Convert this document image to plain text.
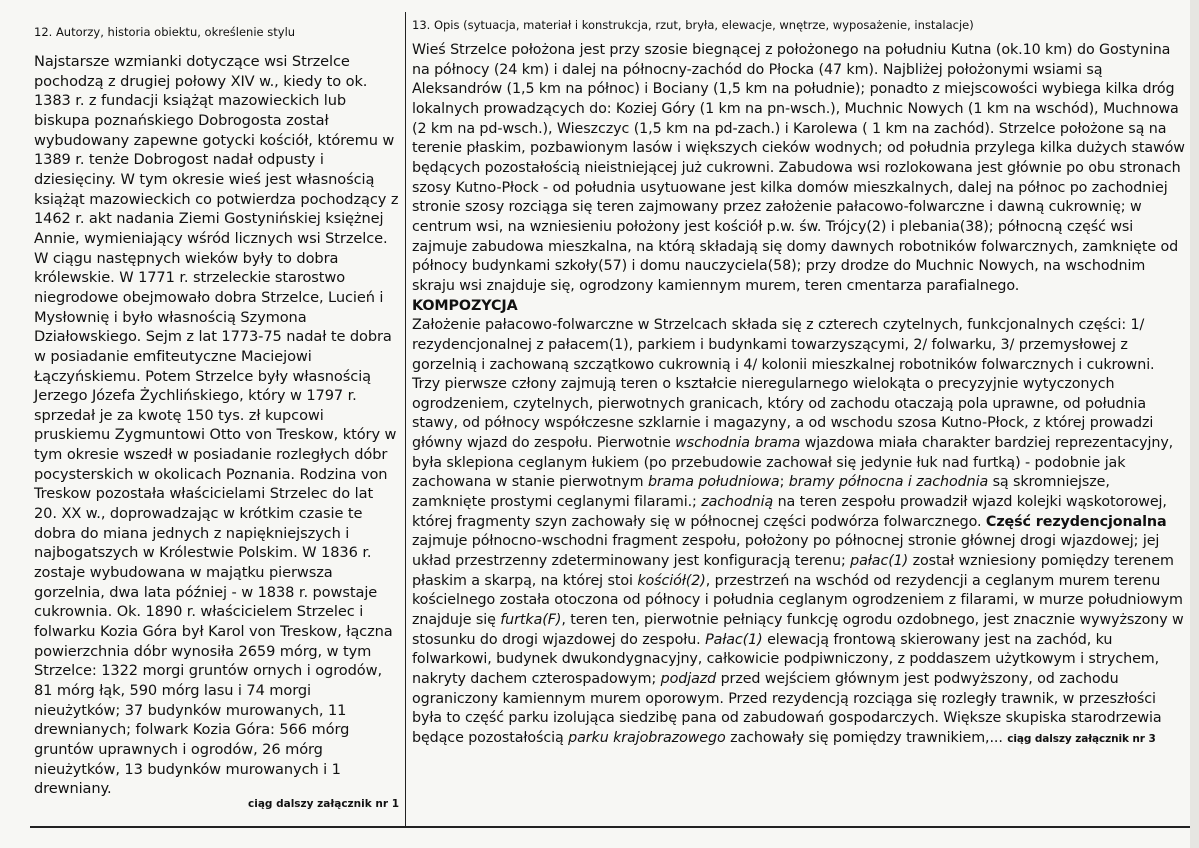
12. Autorzy, historia obiektu, określenie stylu

Najstarsze wzmianki dotyczące wsi Strzelce pochodzą z drugiej połowy XIV w., kiedy to ok. 1383 r. z fundacji książąt mazowieckich lub biskupa poznańskiego Dobrogosta został wybudowany zapewne gotycki kościół, któremu w 1389 r. tenże Dobrogost nadał odpusty i dziesięciny. W tym okresie wieś jest własnością książąt mazowieckich co potwierdza pochodzący z 1462 r. akt nadania Ziemi Gostynińskiej księżnej Annie, wymieniający wśród licznych wsi Strzelce. W ciągu następnych wieków były to dobra królewskie. W 1771 r. strzeleckie starostwo niegrodowe obejmowało dobra Strzelce, Lucień i Mysłownię i było własnością Szymona Działowskiego. Sejm z lat 1773-75 nadał te dobra w posiadanie emfiteutyczne Maciejowi Łączyńskiemu. Potem Strzelce były własnością Jerzego Józefa Żychlińskiego, który w 1797 r. sprzedał je za kwotę 150 tys. zł kupcowi pruskiemu Zygmuntowi Otto von Treskow, który w tym okresie wszedł w posiadanie rozległych dóbr pocysterskich w okolicach Poznania. Rodzina von Treskow pozostała właścicielami Strzelec do lat 20. XX w., doprowadzając w krótkim czasie te dobra do miana jednych z napiękniejszych i najbogatszych w Królestwie Polskim. W 1836 r. zostaje wybudowana w majątku pierwsza gorzelnia, dwa lata później - w 1838 r. powstaje cukrownia. Ok. 1890 r. właścicielem Strzelec i folwarku Kozia Góra był Karol von Treskow, łączna powierzchnia dóbr wynosiła 2659 mórg, w tym Strzelce: 1322 morgi gruntów ornych i ogrodów, 81 mórg łąk, 590 mórg lasu i 74 morgi nieużytków; 37 budynków murowanych, 11 drewnianych; folwark Kozia Góra: 566 mórg gruntów uprawnych i ogrodów, 26 mórg nieużytków, 13 budynków murowanych i 1 drewniany.

ciąg dalszy załącznik nr 1
13. Opis (sytuacja, materiał i konstrukcja, rzut, bryła, elewacje, wnętrze, wyposażenie, instalacje)

Wieś Strzelce położona jest przy szosie biegnącej z położonego na południu Kutna (ok.10 km) do Gostynina na północy (24 km) i dalej na północny-zachód do Płocka (47 km). Najbliżej położonymi wsiami są Aleksandrów (1,5 km na północ) i Bociany (1,5 km na południe); ponadto z miejscowości wybiega kilka dróg lokalnych prowadzących do: Koziej Góry (1 km na pn-wsch.), Muchnic Nowych (1 km na wschód), Muchnowa (2 km na pd-wsch.), Wieszczyc (1,5 km na pd-zach.) i Karolewa ( 1 km na zachód). Strzelce położone są na terenie płaskim, pozbawionym lasów i większych cieków wodnych; od południa przylega kilka dużych stawów będących pozostałością nieistniejącej już cukrowni. Zabudowa wsi rozlokowana jest głównie po obu stronach szosy Kutno-Płock - od południa usytuowane jest kilka domów mieszkalnych, dalej na północ po zachodniej stronie szosy rozciąga się teren zajmowany przez założenie pałacowo-folwarczne i dawną cukrownię; w centrum wsi, na wzniesieniu położony jest kościół p.w. św. Trójcy(2) i plebania(38); północną część wsi zajmuje zabudowa mieszkalna, na którą składają się domy dawnych robotników folwarcznych, zamknięte od północy budynkami szkoły(57) i domu nauczyciela(58); przy drodze do Muchnic Nowych, na wschodnim skraju wsi znajduje się, ogrodzony kamiennym murem, teren cmentarza parafialnego.

KOMPOZYCJA

Założenie pałacowo-folwarczne w Strzelcach składa się z czterech czytelnych, funkcjonalnych części: 1/ rezydencjonalnej z pałacem(1), parkiem i budynkami towarzyszącymi, 2/ folwarku, 3/ przemysłowej z gorzelnią i zachowaną szczątkowo cukrownią i 4/ kolonii mieszkalnej robotników folwarcznych i cukrowni. Trzy pierwsze człony zajmują teren o kształcie nieregularnego wielokąta o precyzyjnie wytyczonych ogrodzeniem, czytelnych, pierwotnych granicach, który od zachodu otaczają pola uprawne, od południa stawy, od północy współczesne szklarnie i magazyny, a od wschodu szosa Kutno-Płock, z której prowadzi główny wjazd do zespołu. Pierwotnie wschodnia brama wjazdowa miała charakter bardziej reprezentacyjny, była sklepiona ceglanym łukiem (po przebudowie zachował się jedynie łuk nad furtką) - podobnie jak zachowana w stanie pierwotnym brama południowa; bramy północna i zachodnia są skromniejsze, zamknięte prostymi ceglanymi filarami.; zachodnią na teren zespołu prowadził wjazd kolejki wąskotorowej, której fragmenty szyn zachowały się w północnej części podwórza folwarcznego. Część rezydencjonalna zajmuje północno-wschodni fragment zespołu, położony po północnej stronie głównej drogi wjazdowej; jej układ przestrzenny zdeterminowany jest konfiguracją terenu; pałac(1) został wzniesiony pomiędzy terenem płaskim a skarpą, na której stoi kościół(2), przestrzeń na wschód od rezydencji a ceglanym murem terenu kościelnego została otoczona od północy i południa ceglanym ogrodzeniem z filarami, w murze południowym znajduje się furtka(F), teren ten, pierwotnie pełniący funkcję ogrodu ozdobnego, jest znacznie wywyższony w stosunku do drogi wjazdowej do zespołu. Pałac(1) elewacją frontową skierowany jest na zachód, ku folwarkowi, budynek dwukondygnacyjny, całkowicie podpiwniczony, z poddaszem użytkowym i strychem, nakryty dachem czterospadowym; podjazd przed wejściem głównym jest podwyższony, od zachodu ograniczony kamiennym murem oporowym. Przed rezydencją rozciąga się rozległy trawnik, w przeszłości była to część parku izolująca siedzibę pana od zabudowań gospodarczych. Większe skupiska starodrzewia będące pozostałością parku krajobrazowego zachowały się pomiędzy trawnikiem,... ciąg dalszy załącznik nr 3
